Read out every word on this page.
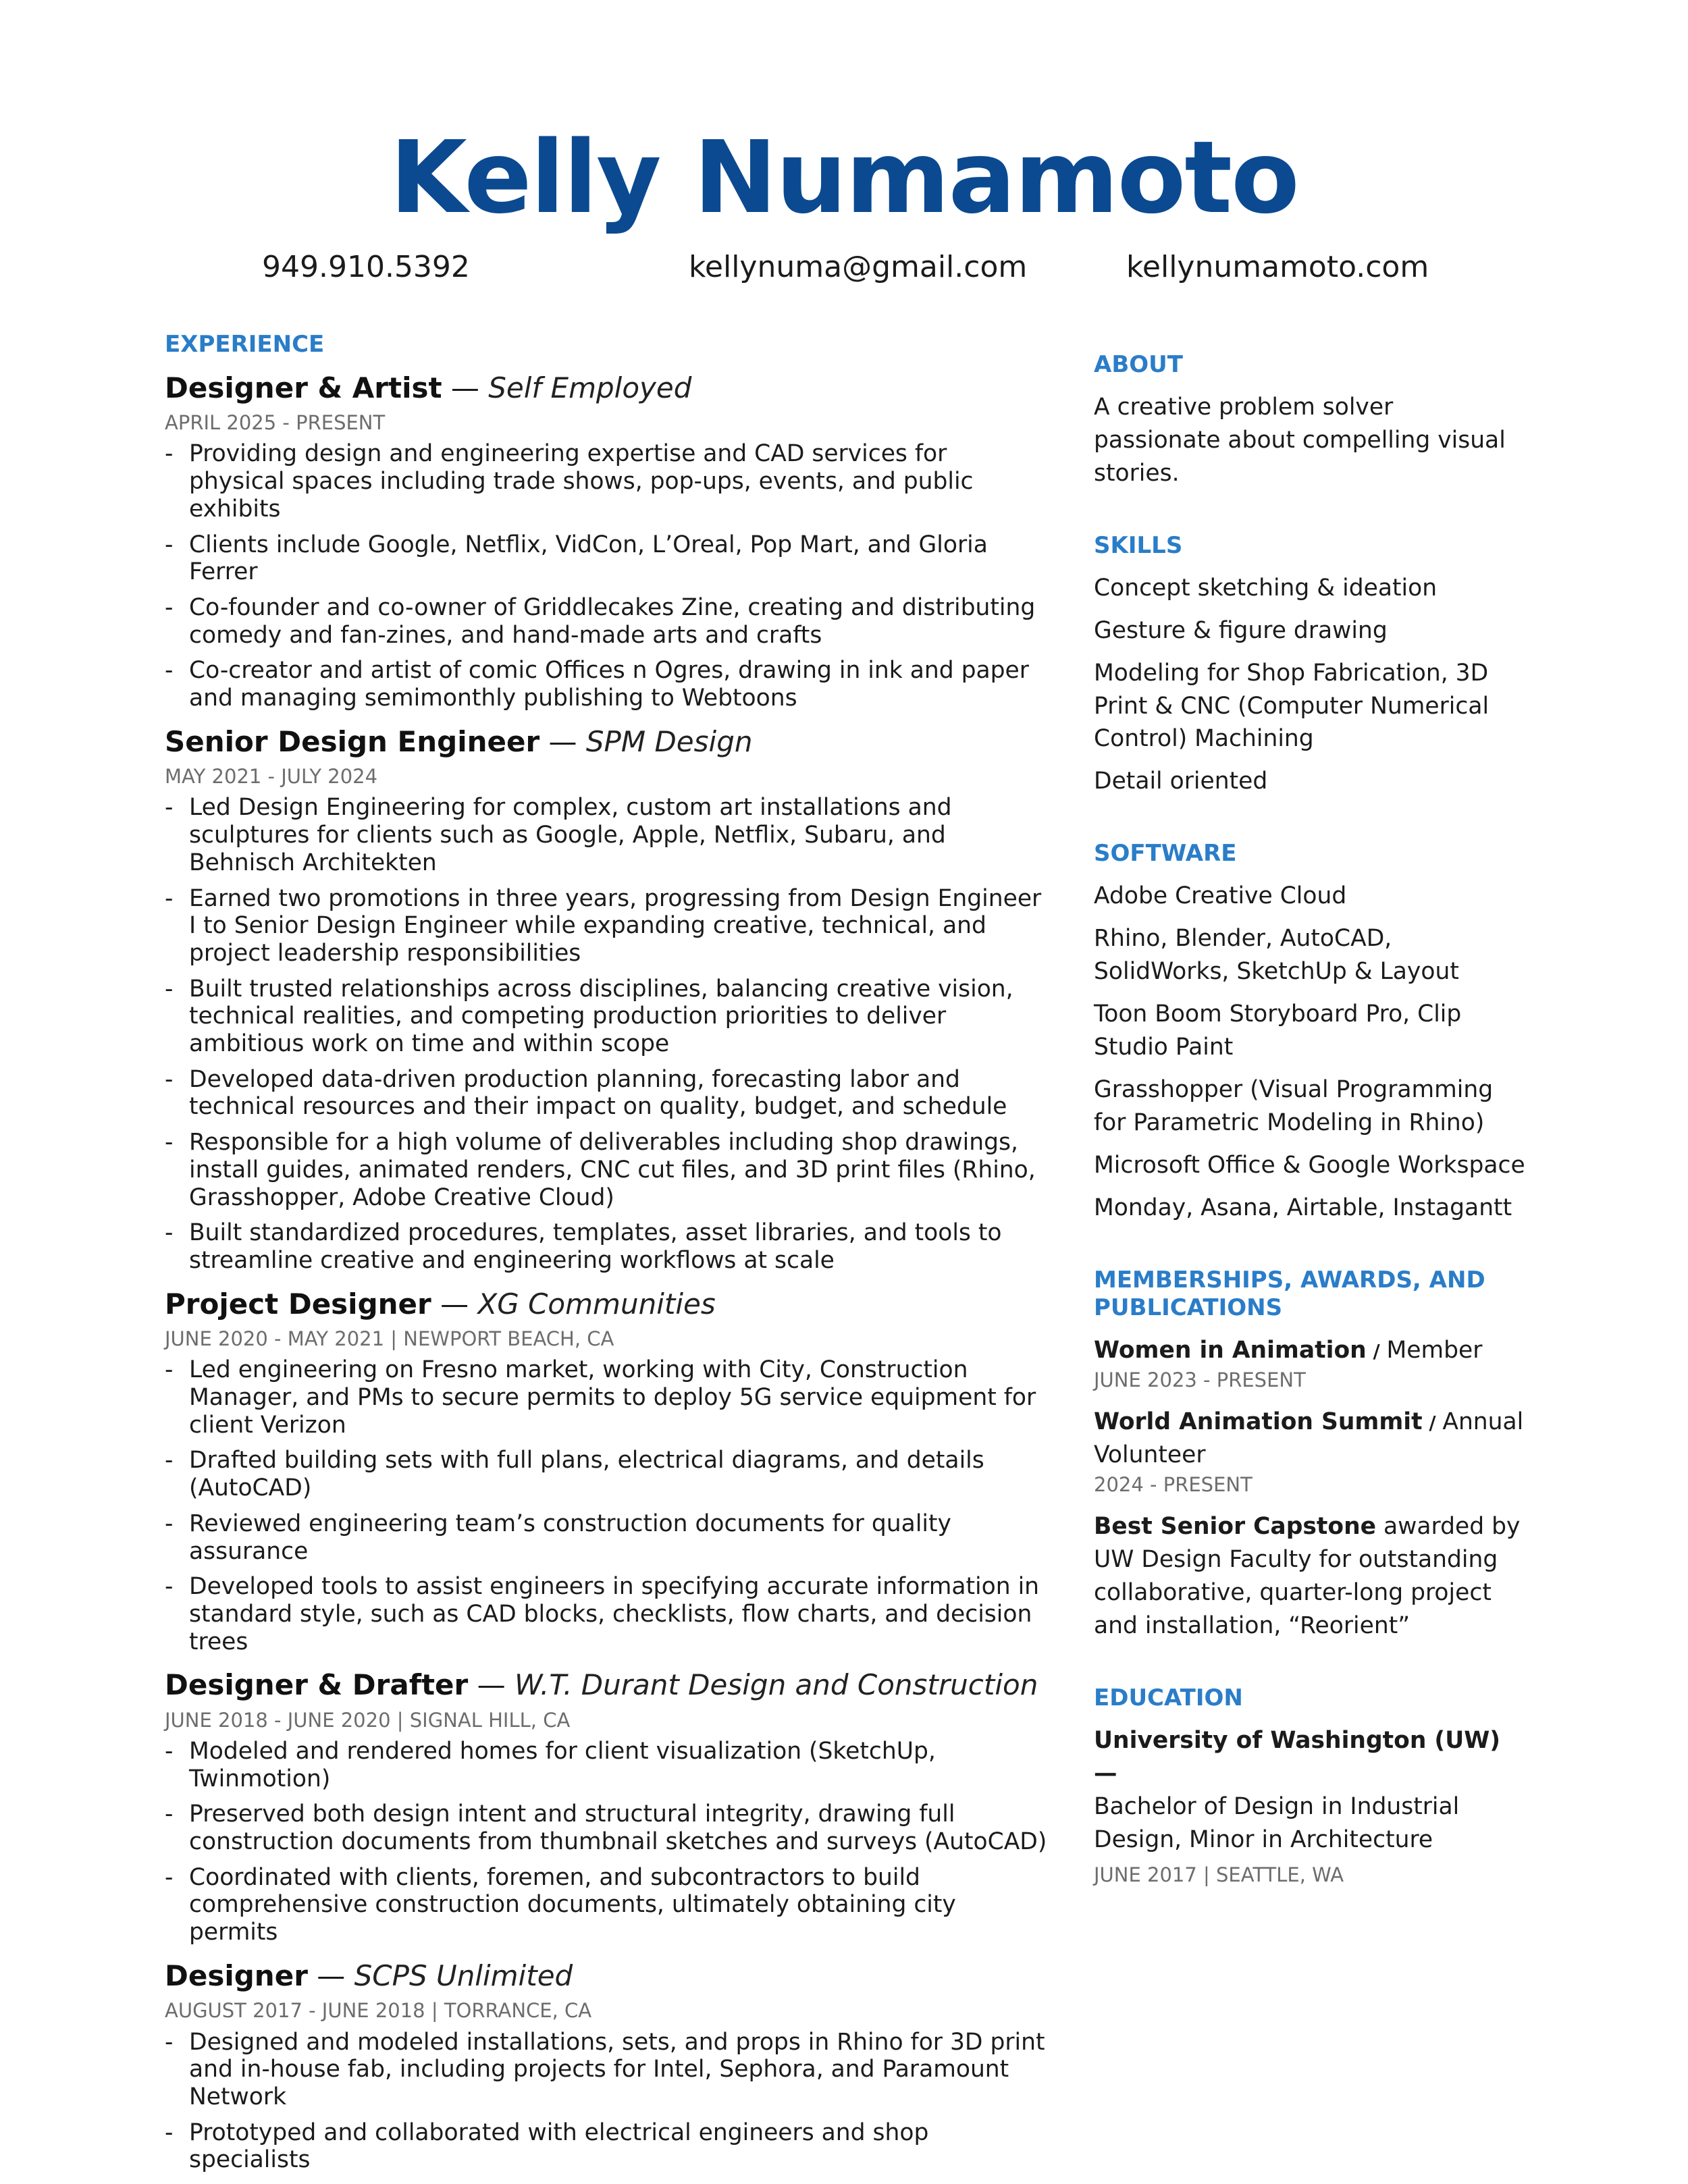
Kelly Numamoto

949.910.5392	kellynuma@gmail.com	kellynumamoto.com

EXPERIENCE
Designer & Artist — Self Employed
APRIL 2025 - PRESENT
- Providing design and engineering expertise and CAD services for physical spaces including trade shows, pop-ups, events, and public exhibits
- Clients include Google, Netflix, VidCon, L’Oreal, Pop Mart, and Gloria Ferrer
- Co-founder and co-owner of Griddlecakes Zine, creating and distributing comedy and fan-zines, and hand-made arts and crafts
- Co-creator and artist of comic Offices n Ogres, drawing in ink and paper and managing semimonthly publishing to Webtoons
Senior Design Engineer — SPM Design
MAY 2021 - JULY 2024
- Led Design Engineering for complex, custom art installations and sculptures for clients such as Google, Apple, Netflix, Subaru, and Behnisch Architekten
- Earned two promotions in three years, progressing from Design Engineer I to Senior Design Engineer while expanding creative, technical, and project leadership responsibilities
- Built trusted relationships across disciplines, balancing creative vision, technical realities, and competing production priorities to deliver ambitious work on time and within scope
- Developed data-driven production planning, forecasting labor and technical resources and their impact on quality, budget, and schedule
- Responsible for a high volume of deliverables including shop drawings, install guides, animated renders, CNC cut files, and 3D print files (Rhino, Grasshopper, Adobe Creative Cloud)
- Built standardized procedures, templates, asset libraries, and tools to streamline creative and engineering workflows at scale
Project Designer — XG Communities
JUNE 2020 - MAY 2021 | NEWPORT BEACH, CA
- Led engineering on Fresno market, working with City, Construction Manager, and PMs to secure permits to deploy 5G service equipment for client Verizon
- Drafted building sets with full plans, electrical diagrams, and details (AutoCAD)
- Reviewed engineering team’s construction documents for quality assurance
- Developed tools to assist engineers in specifying accurate information in standard style, such as CAD blocks, checklists, flow charts, and decision trees
Designer & Drafter — W.T. Durant Design and Construction
JUNE 2018 - JUNE 2020 | SIGNAL HILL, CA
- Modeled and rendered homes for client visualization (SketchUp, Twinmotion)
- Preserved both design intent and structural integrity, drawing full construction documents from thumbnail sketches and surveys (AutoCAD)
- Coordinated with clients, foremen, and subcontractors to build comprehensive construction documents, ultimately obtaining city permits
Designer — SCPS Unlimited
AUGUST 2017 - JUNE 2018 | TORRANCE, CA
- Designed and modeled installations, sets, and props in Rhino for 3D print and in-house fab, including projects for Intel, Sephora, and Paramount Network
- Prototyped and collaborated with electrical engineers and shop specialists
ABOUT

A creative problem solver passionate about compelling visual stories.

SKILLS
Concept sketching & ideation
Gesture & figure drawing
Modeling for Shop Fabrication, 3D Print & CNC (Computer Numerical Control) Machining
Detail oriented
SOFTWARE
Adobe Creative Cloud
Rhino, Blender, AutoCAD, SolidWorks, SketchUp & Layout
Toon Boom Storyboard Pro, Clip Studio Paint
Grasshopper (Visual Programming for Parametric Modeling in Rhino)
Microsoft Office & Google Workspace
Monday, Asana, Airtable, Instagantt
MEMBERSHIPS, AWARDS, AND PUBLICATIONS
Women in Animation / Member
JUNE 2023 - PRESENT
World Animation Summit / Annual Volunteer
2024 - PRESENT
Best Senior Capstone awarded by UW Design Faculty for outstanding collaborative, quarter-long project and installation, “Reorient”
EDUCATION
University of Washington (UW) —
Bachelor of Design in Industrial Design, Minor in Architecture
JUNE 2017 | SEATTLE, WA
